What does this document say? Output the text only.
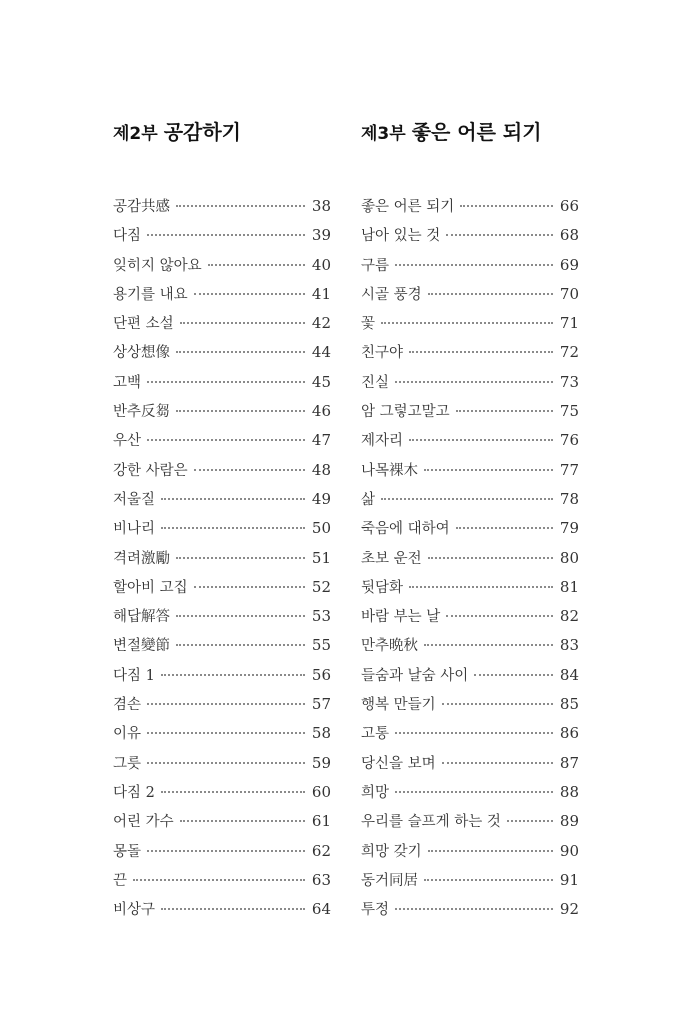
제2부 공감하기
공감共感	38
다짐	39
잊히지 않아요	40
용기를 내요	41
단편 소설	42
상상想像	44
고백	45
반추反芻	46
우산	47
강한 사람은	48
저울질	49
비나리	50
격려激勵	51
할아비 고집	52
해답解答	53
변절變節	55
다짐 1	56
겸손	57
이유	58
그릇	59
다짐 2	60
어린 가수	61
몽돌	62
끈	63
비상구	64
제3부 좋은 어른 되기
좋은 어른 되기	66
남아 있는 것	68
구름	69
시골 풍경	70
꽃	71
친구야	72
진실	73
암 그렇고말고	75
제자리	76
나목裸木	77
삶	78
죽음에 대하여	79
초보 운전	80
뒷담화	81
바람 부는 날	82
만추晩秋	83
들숨과 날숨 사이	84
행복 만들기	85
고통	86
당신을 보며	87
희망	88
우리를 슬프게 하는 것	89
희망 갖기	90
동거同居	91
투정	92
